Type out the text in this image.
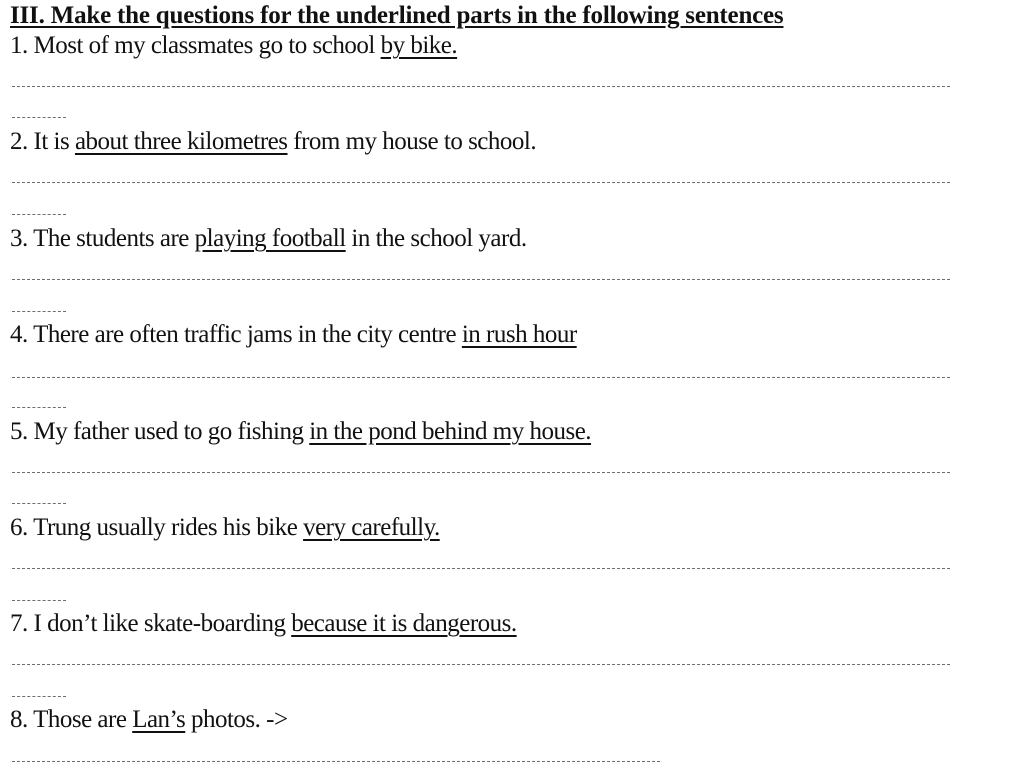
III. Make the questions for the underlined parts in the following sentences
1. Most of my classmates go to school by bike.
2. It is about three kilometres from my house to school.
3. The students are playing football in the school yard.
4. There are often traffic jams in the city centre in rush hour
5. My father used to go fishing in the pond behind my house.
6. Trung usually rides his bike very carefully.
7. I don’t like skate-boarding because it is dangerous.
8. Those are Lan’s photos. ->
